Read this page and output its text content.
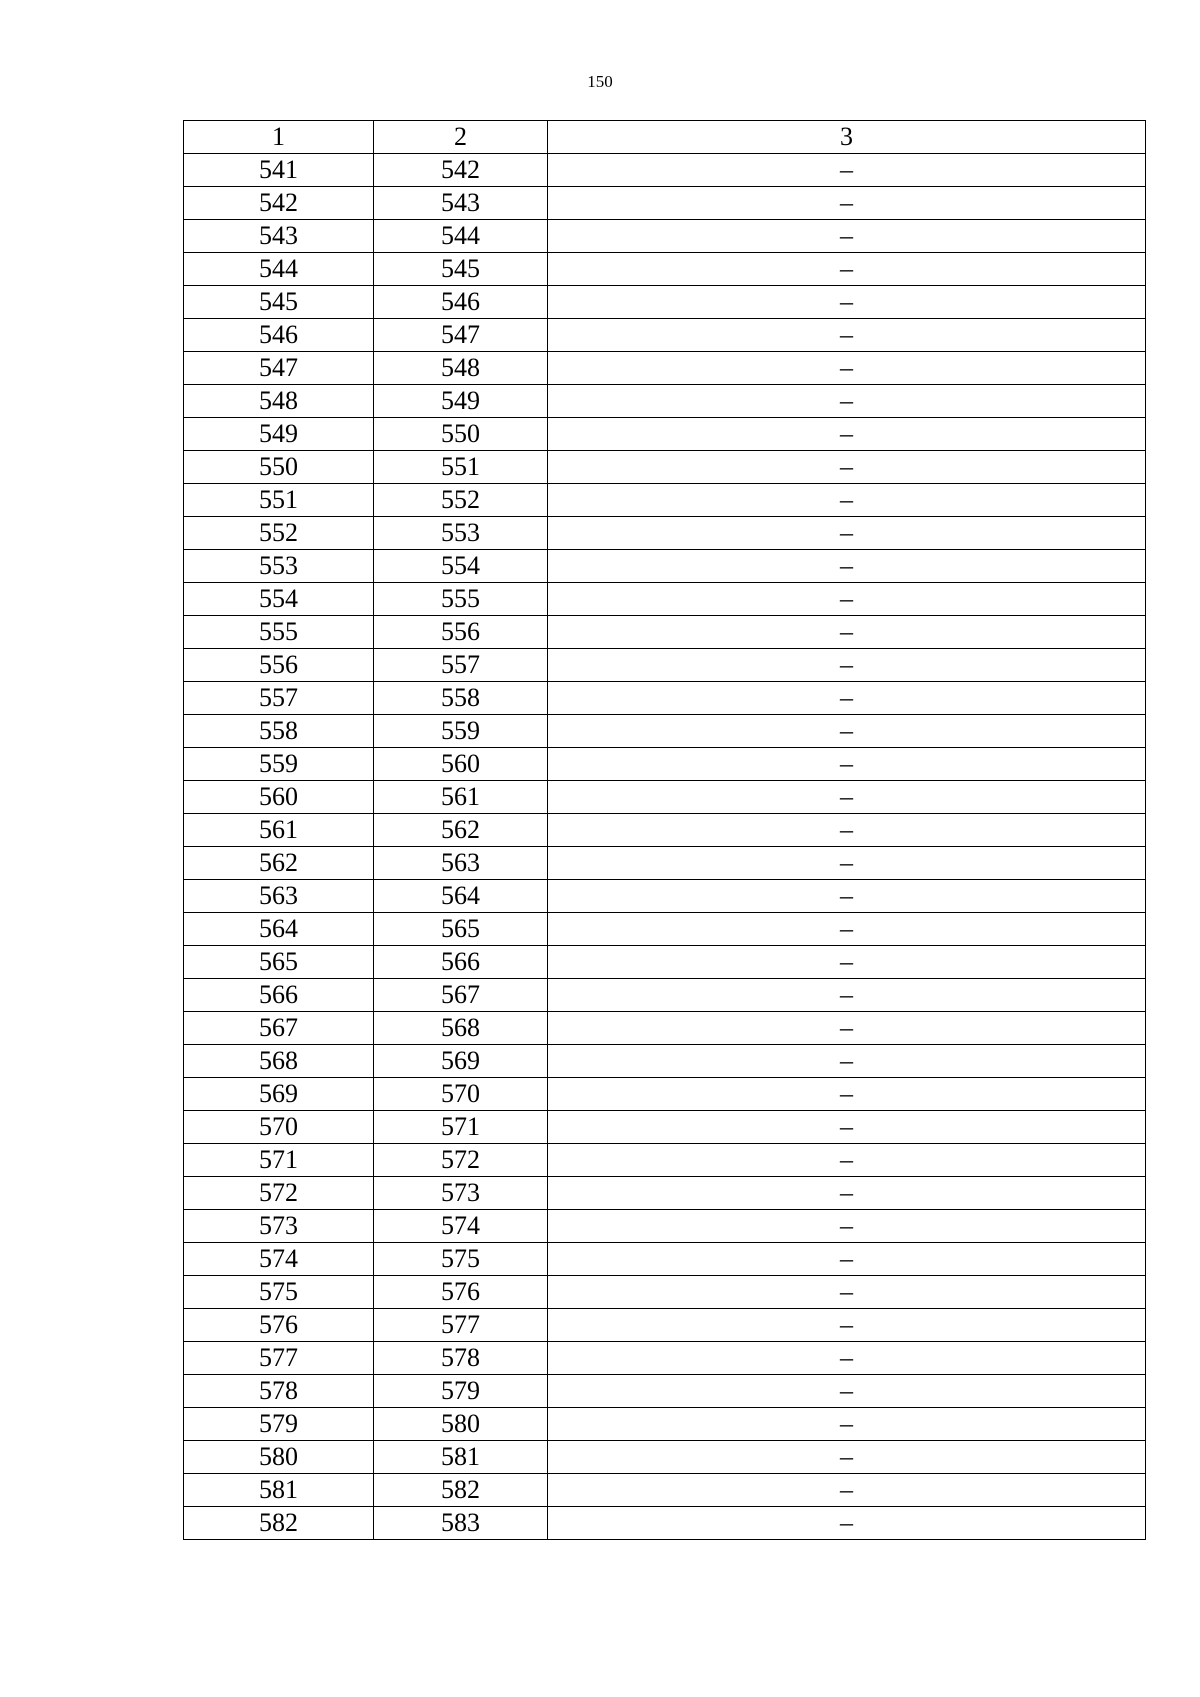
150
1	2	3
541	542	–
542	543	–
543	544	–
544	545	–
545	546	–
546	547	–
547	548	–
548	549	–
549	550	–
550	551	–
551	552	–
552	553	–
553	554	–
554	555	–
555	556	–
556	557	–
557	558	–
558	559	–
559	560	–
560	561	–
561	562	–
562	563	–
563	564	–
564	565	–
565	566	–
566	567	–
567	568	–
568	569	–
569	570	–
570	571	–
571	572	–
572	573	–
573	574	–
574	575	–
575	576	–
576	577	–
577	578	–
578	579	–
579	580	–
580	581	–
581	582	–
582	583	–
